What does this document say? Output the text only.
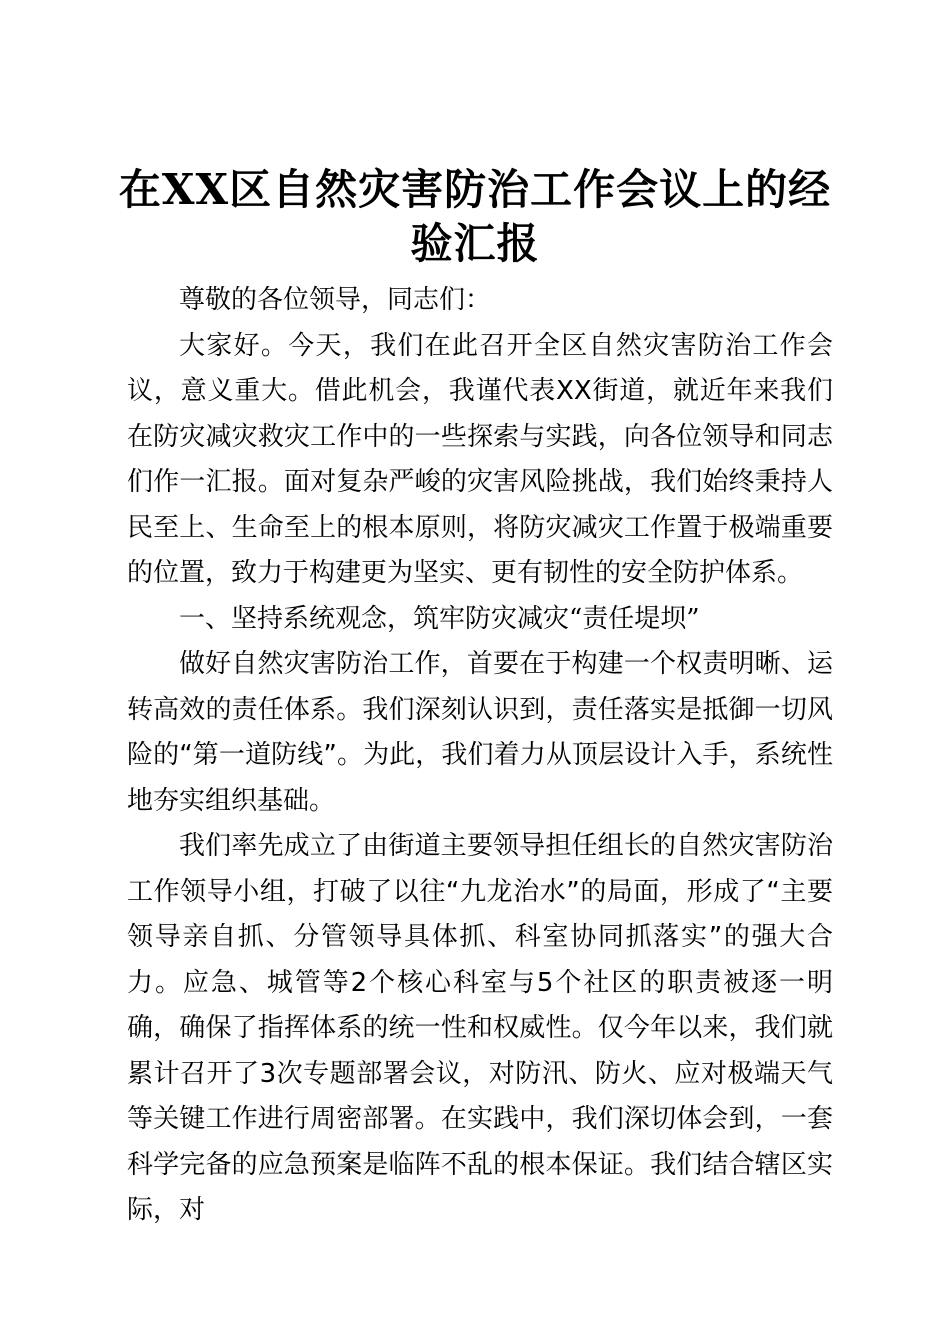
在XX区自然灾害防治工作会议上的经验汇报

尊敬的各位领导，同志们：

大家好。今天，我们在此召开全区自然灾害防治工作会议，意义重大。借此机会，我谨代表XX街道，就近年来我们在防灾减灾救灾工作中的一些探索与实践，向各位领导和同志们作一汇报。面对复杂严峻的灾害风险挑战，我们始终秉持人民至上、生命至上的根本原则，将防灾减灾工作置于极端重要的位置，致力于构建更为坚实、更有韧性的安全防护体系。

一、坚持系统观念，筑牢防灾减灾“责任堤坝”

做好自然灾害防治工作，首要在于构建一个权责明晰、运转高效的责任体系。我们深刻认识到，责任落实是抵御一切风险的“第一道防线”。为此，我们着力从顶层设计入手，系统性地夯实组织基础。

我们率先成立了由街道主要领导担任组长的自然灾害防治工作领导小组，打破了以往“九龙治水”的局面，形成了“主要领导亲自抓、分管领导具体抓、科室协同抓落实”的强大合力。应急、城管等2个核心科室与5个社区的职责被逐一明确，确保了指挥体系的统一性和权威性。仅今年以来，我们就累计召开了3次专题部署会议，对防汛、防火、应对极端天气等关键工作进行周密部署。在实践中，我们深切体会到，一套科学完备的应急预案是临阵不乱的根本保证。我们结合辖区实际，对
